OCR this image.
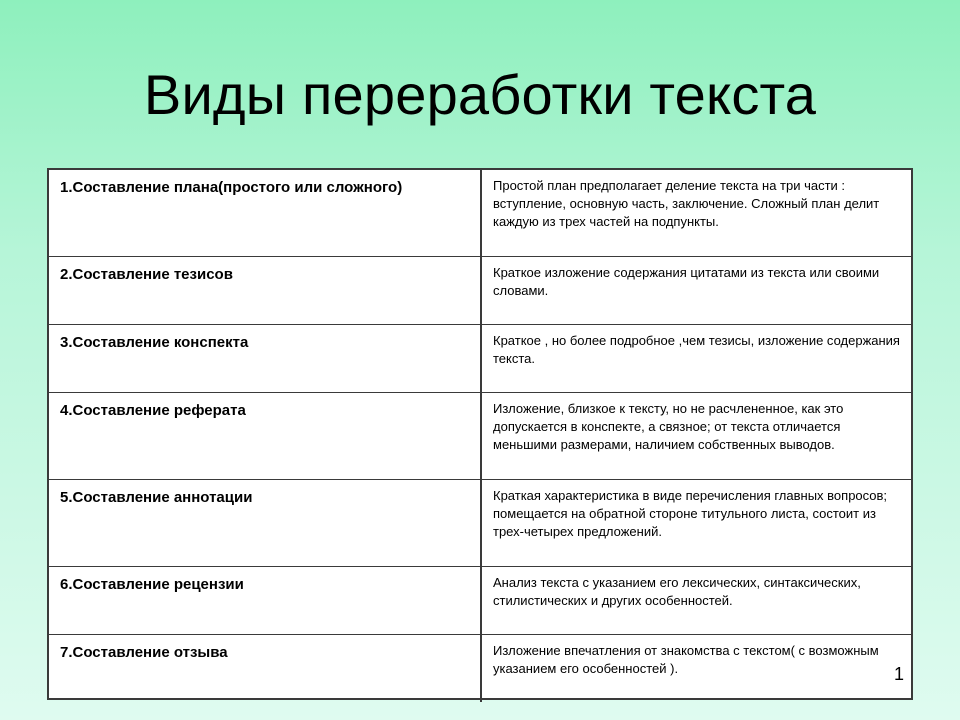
Виды переработки текста
1.Составление плана(простого или сложного)	Простой план предполагает деление текста на три части : вступление, основную часть, заключение. Сложный план делит каждую из трех частей на подпункты.
2.Составление тезисов	Краткое изложение содержания цитатами из текста или своими словами.
3.Составление конспекта	Краткое , но более подробное ,чем тезисы, изложение содержания текста.
4.Составление реферата	Изложение, близкое к тексту, но не расчлененное, как это допускается в конспекте, а связное; от текста отличается меньшими размерами, наличием собственных выводов.
5.Составление аннотации	Краткая характеристика в виде перечисления главных вопросов; помещается на обратной стороне титульного листа, состоит из трех-четырех предложений.
6.Составление рецензии	Анализ текста с указанием его лексических, синтаксических, стилистических и других особенностей.
7.Составление отзыва	Изложение впечатления от знакомства с текстом( с возможным указанием его особенностей ).	1
